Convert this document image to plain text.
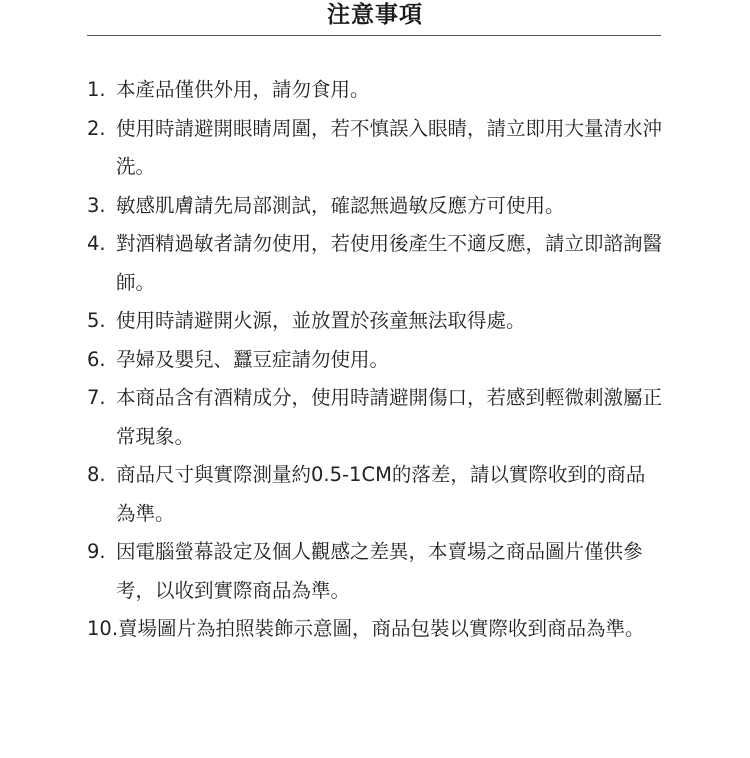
注意事項
1. 本產品僅供外用，請勿食用。
2. 使用時請避開眼睛周圍，若不慎誤入眼睛，請立即用大量清水沖洗。
3. 敏感肌膚請先局部測試，確認無過敏反應方可使用。
4. 對酒精過敏者請勿使用，若使用後產生不適反應，請立即諮詢醫師。
5. 使用時請避開火源，並放置於孩童無法取得處。
6. 孕婦及嬰兒、蠶豆症請勿使用。
7. 本商品含有酒精成分，使用時請避開傷口，若感到輕微刺激屬正常現象。
8. 商品尺寸與實際測量約0.5-1CM的落差，請以實際收到的商品為準。
9. 因電腦螢幕設定及個人觀感之差異，本賣場之商品圖片僅供參考，以收到實際商品為準。
10. 賣場圖片為拍照裝飾示意圖，商品包裝以實際收到商品為準。
